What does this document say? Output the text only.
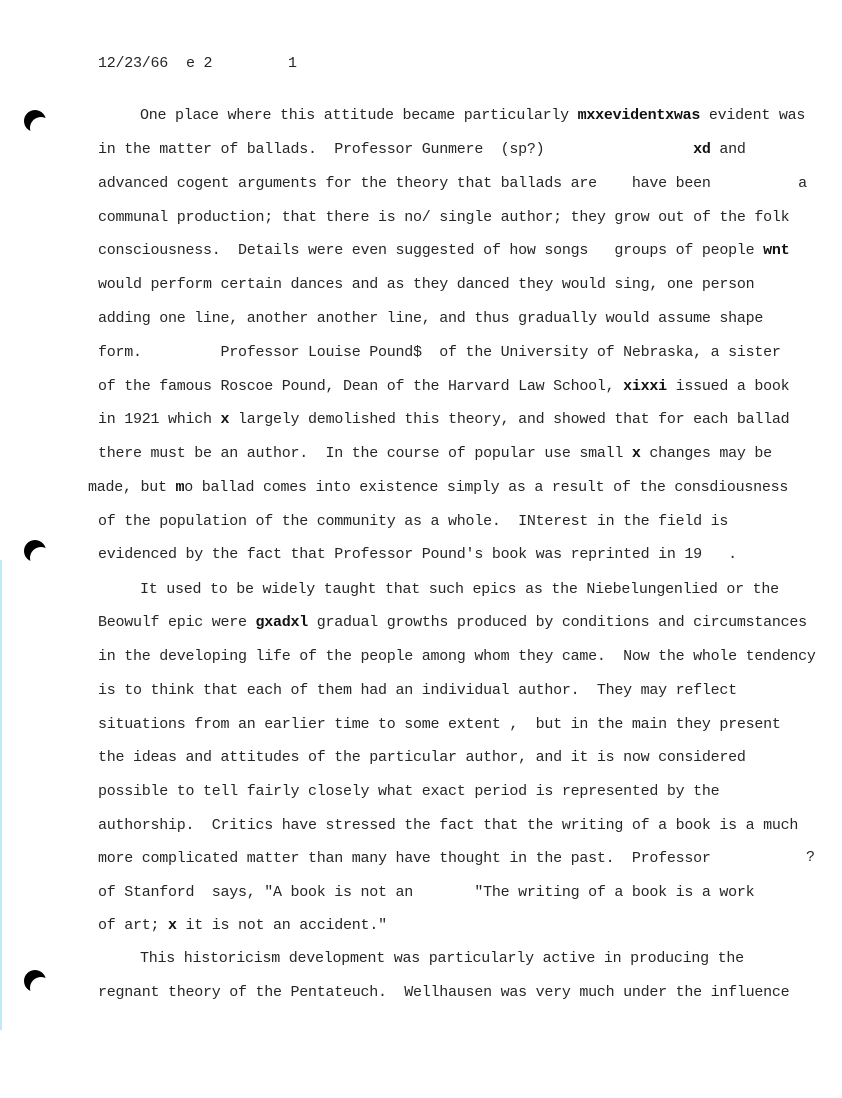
12/23/66 e 2	1
?
One place where this attitude became particularly mxxevidentxwas evident was
in the matter of ballads.  Professor Gunmere  (sp?)                 xd and
advanced cogent arguments for the theory that ballads are    have been          a
communal production; that there is no/ single author; they grow out of the folk
consciousness.  Details were even suggested of how songs   groups of people wnt
would perform certain dances and as they danced they would sing, one person
adding one line, another another line, and thus gradually would assume shape
form.         Professor Louise Pound$  of the University of Nebraska, a sister
of the famous Roscoe Pound, Dean of the Harvard Law School, xixxi issued a book
in 1921 which x largely demolished this theory, and showed that for each ballad
there must be an author.  In the course of popular use small x changes may be
made, but mo ballad comes into existence simply as a result of the consdiousness
of the population of the community as a whole.  INterest in the field is
evidenced by the fact that Professor Pound's book was reprinted in 19   .
It used to be widely taught that such epics as the Niebelungenlied or the
Beowulf epic were gxadxl gradual growths produced by conditions and circumstances
in the developing life of the people among whom they came.  Now the whole tendency
is to think that each of them had an individual author.  They may reflect
situations from an earlier time to some extent ,  but in the main they present
the ideas and attitudes of the particular author, and it is now considered
possible to tell fairly closely what exact period is represented by the
authorship.  Critics have stressed the fact that the writing of a book is a much
more complicated matter than many have thought in the past.  Professor
of Stanford  says, "A book is not an       "The writing of a book is a work
of art; x it is not an accident."
This historicism development was particularly active in producing the
regnant theory of the Pentateuch.  Wellhausen was very much under the influence
